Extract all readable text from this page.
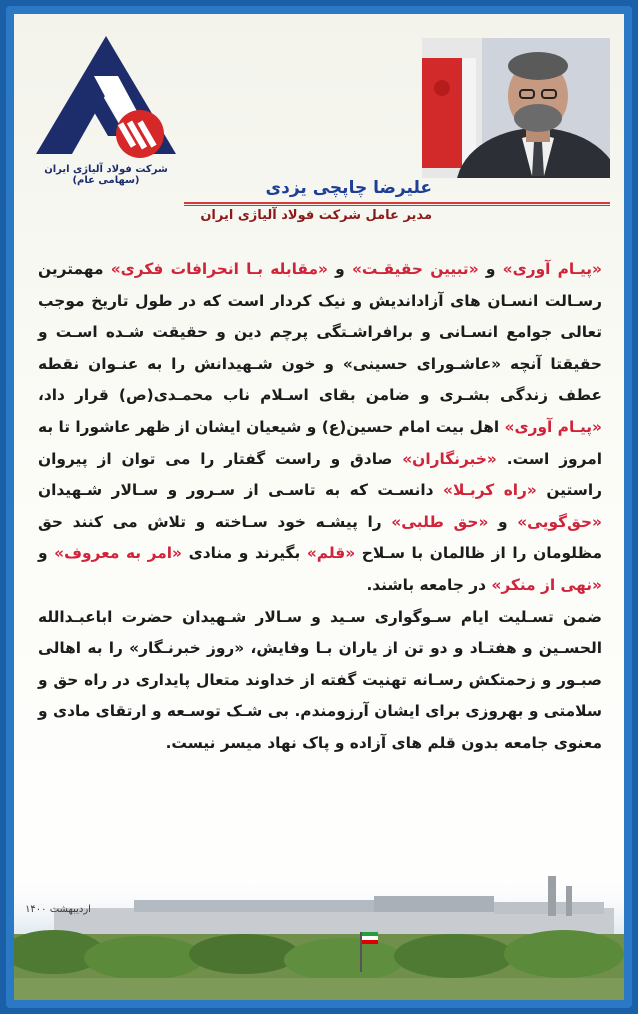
شرکت فولاد آلیاژی ایران (سهامی عام)	علیرضا چاپچی یزدی
مدیر عامل شرکت فولاد آلیاژی ایران

«پیـام آوری» و «تبیین حقیقـت» و «مقابله بـا انحرافات فکری» مهمترین رسـالت انسـان های آزاداندیش و نیک کردار است که در طول تاریخ موجب تعالی جوامع انسـانی و برافراشـتگی پرچم دین و حقیقت شـده اسـت و حقیقتا آنچه «عاشـورای حسینی» و خون شـهیدانش را به عنـوان نقطه عطف زندگی بشـری و ضامن بقای اسـلام ناب محمـدی(ص) قرار داد، «پیـام آوری» اهل بیت امام حسین(ع) و شیعیان ایشان از ظهر عاشورا تا به امروز است. «خبرنگاران» صادق و راست گفتار را می توان از پیروان راستین «راه کربـلا» دانسـت که به تاسـی از سـرور و سـالار شـهیدان «حق‌گویی» و «حق طلبی» را پیشـه خود سـاخته و تلاش می کنند حق مظلومان را از ظالمان با سـلاح «قلم» بگیرند و منادی «امر به معروف» و «نهی از منکر» در جامعه باشند.

ضمن تسـلیت ایام سـوگواری سـید و سـالار شـهیدان حضرت اباعبـدالله الحسـین و هفتـاد و دو تن از یاران بـا وفایش، «روز خبرنـگار» را به اهالی صبـور و زحمتکش رسـانه تهنیت گفته از خداوند متعال پایداری در راه حق و سلامتی و بهروزی برای ایشان آرزومندم. بی شـک توسـعه و ارتقای مادی و معنوی جامعه بدون قلم های آزاده و پاک نهاد میسر نیست.

اردیبهشت ۱۴۰۰
